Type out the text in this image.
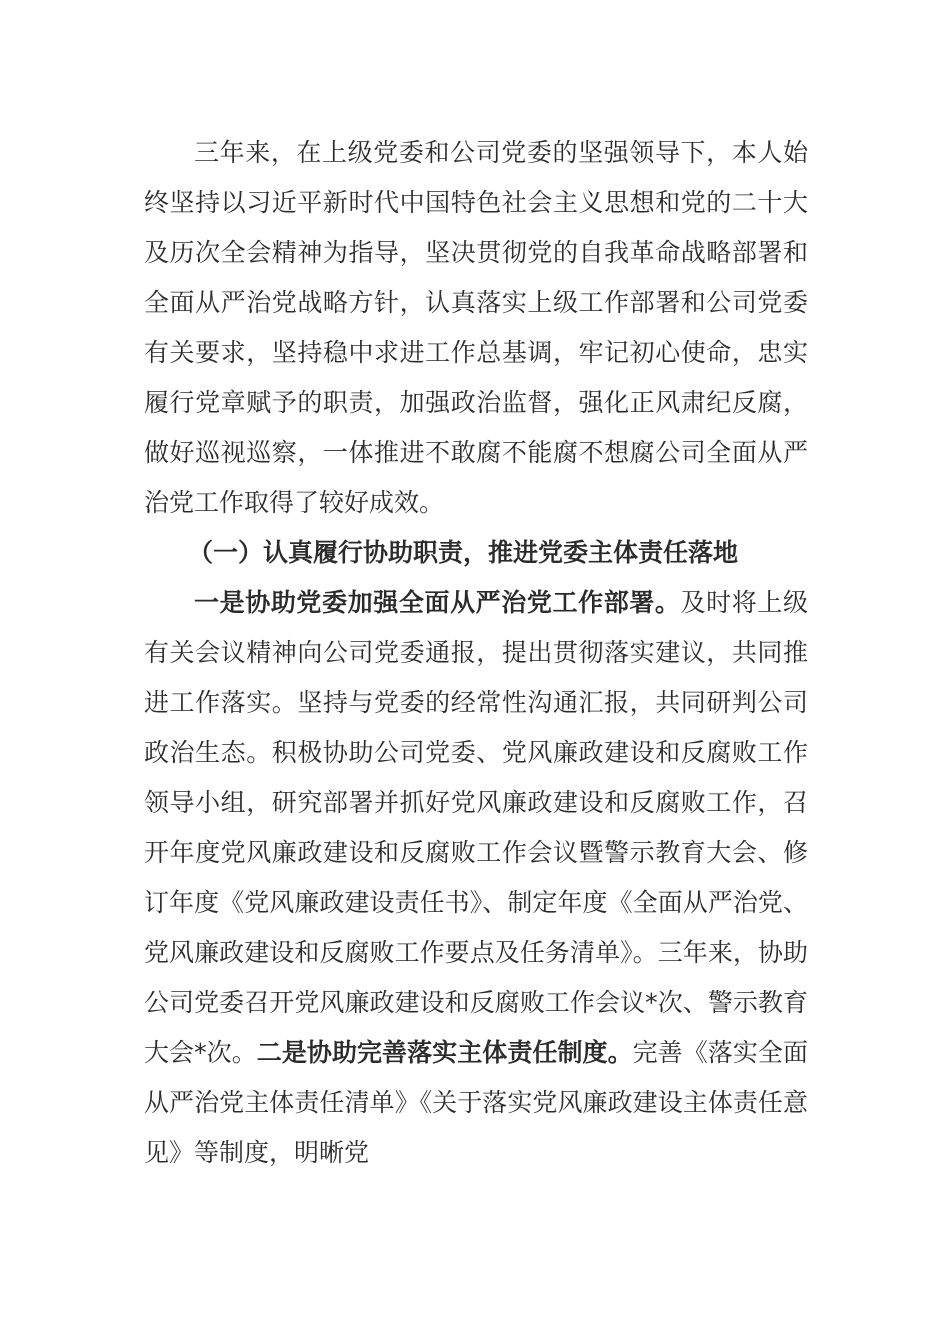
三年来，在上级党委和公司党委的坚强领导下，本人始终坚持以习近平新时代中国特色社会主义思想和党的二十大及历次全会精神为指导，坚决贯彻党的自我革命战略部署和全面从严治党战略方针，认真落实上级工作部署和公司党委有关要求，坚持稳中求进工作总基调，牢记初心使命，忠实履行党章赋予的职责，加强政治监督，强化正风肃纪反腐，做好巡视巡察，一体推进不敢腐不能腐不想腐公司全面从严治党工作取得了较好成效。

（一）认真履行协助职责，推进党委主体责任落地

一是协助党委加强全面从严治党工作部署。及时将上级有关会议精神向公司党委通报，提出贯彻落实建议，共同推进工作落实。坚持与党委的经常性沟通汇报，共同研判公司政治生态。积极协助公司党委、党风廉政建设和反腐败工作领导小组，研究部署并抓好党风廉政建设和反腐败工作，召开年度党风廉政建设和反腐败工作会议暨警示教育大会、修订年度《党风廉政建设责任书》、制定年度《全面从严治党、党风廉政建设和反腐败工作要点及任务清单》。三年来，协助公司党委召开党风廉政建设和反腐败工作会议*次、警示教育大会*次。二是协助完善落实主体责任制度。完善《落实全面从严治党主体责任清单》《关于落实党风廉政建设主体责任意见》等制度，明晰党
